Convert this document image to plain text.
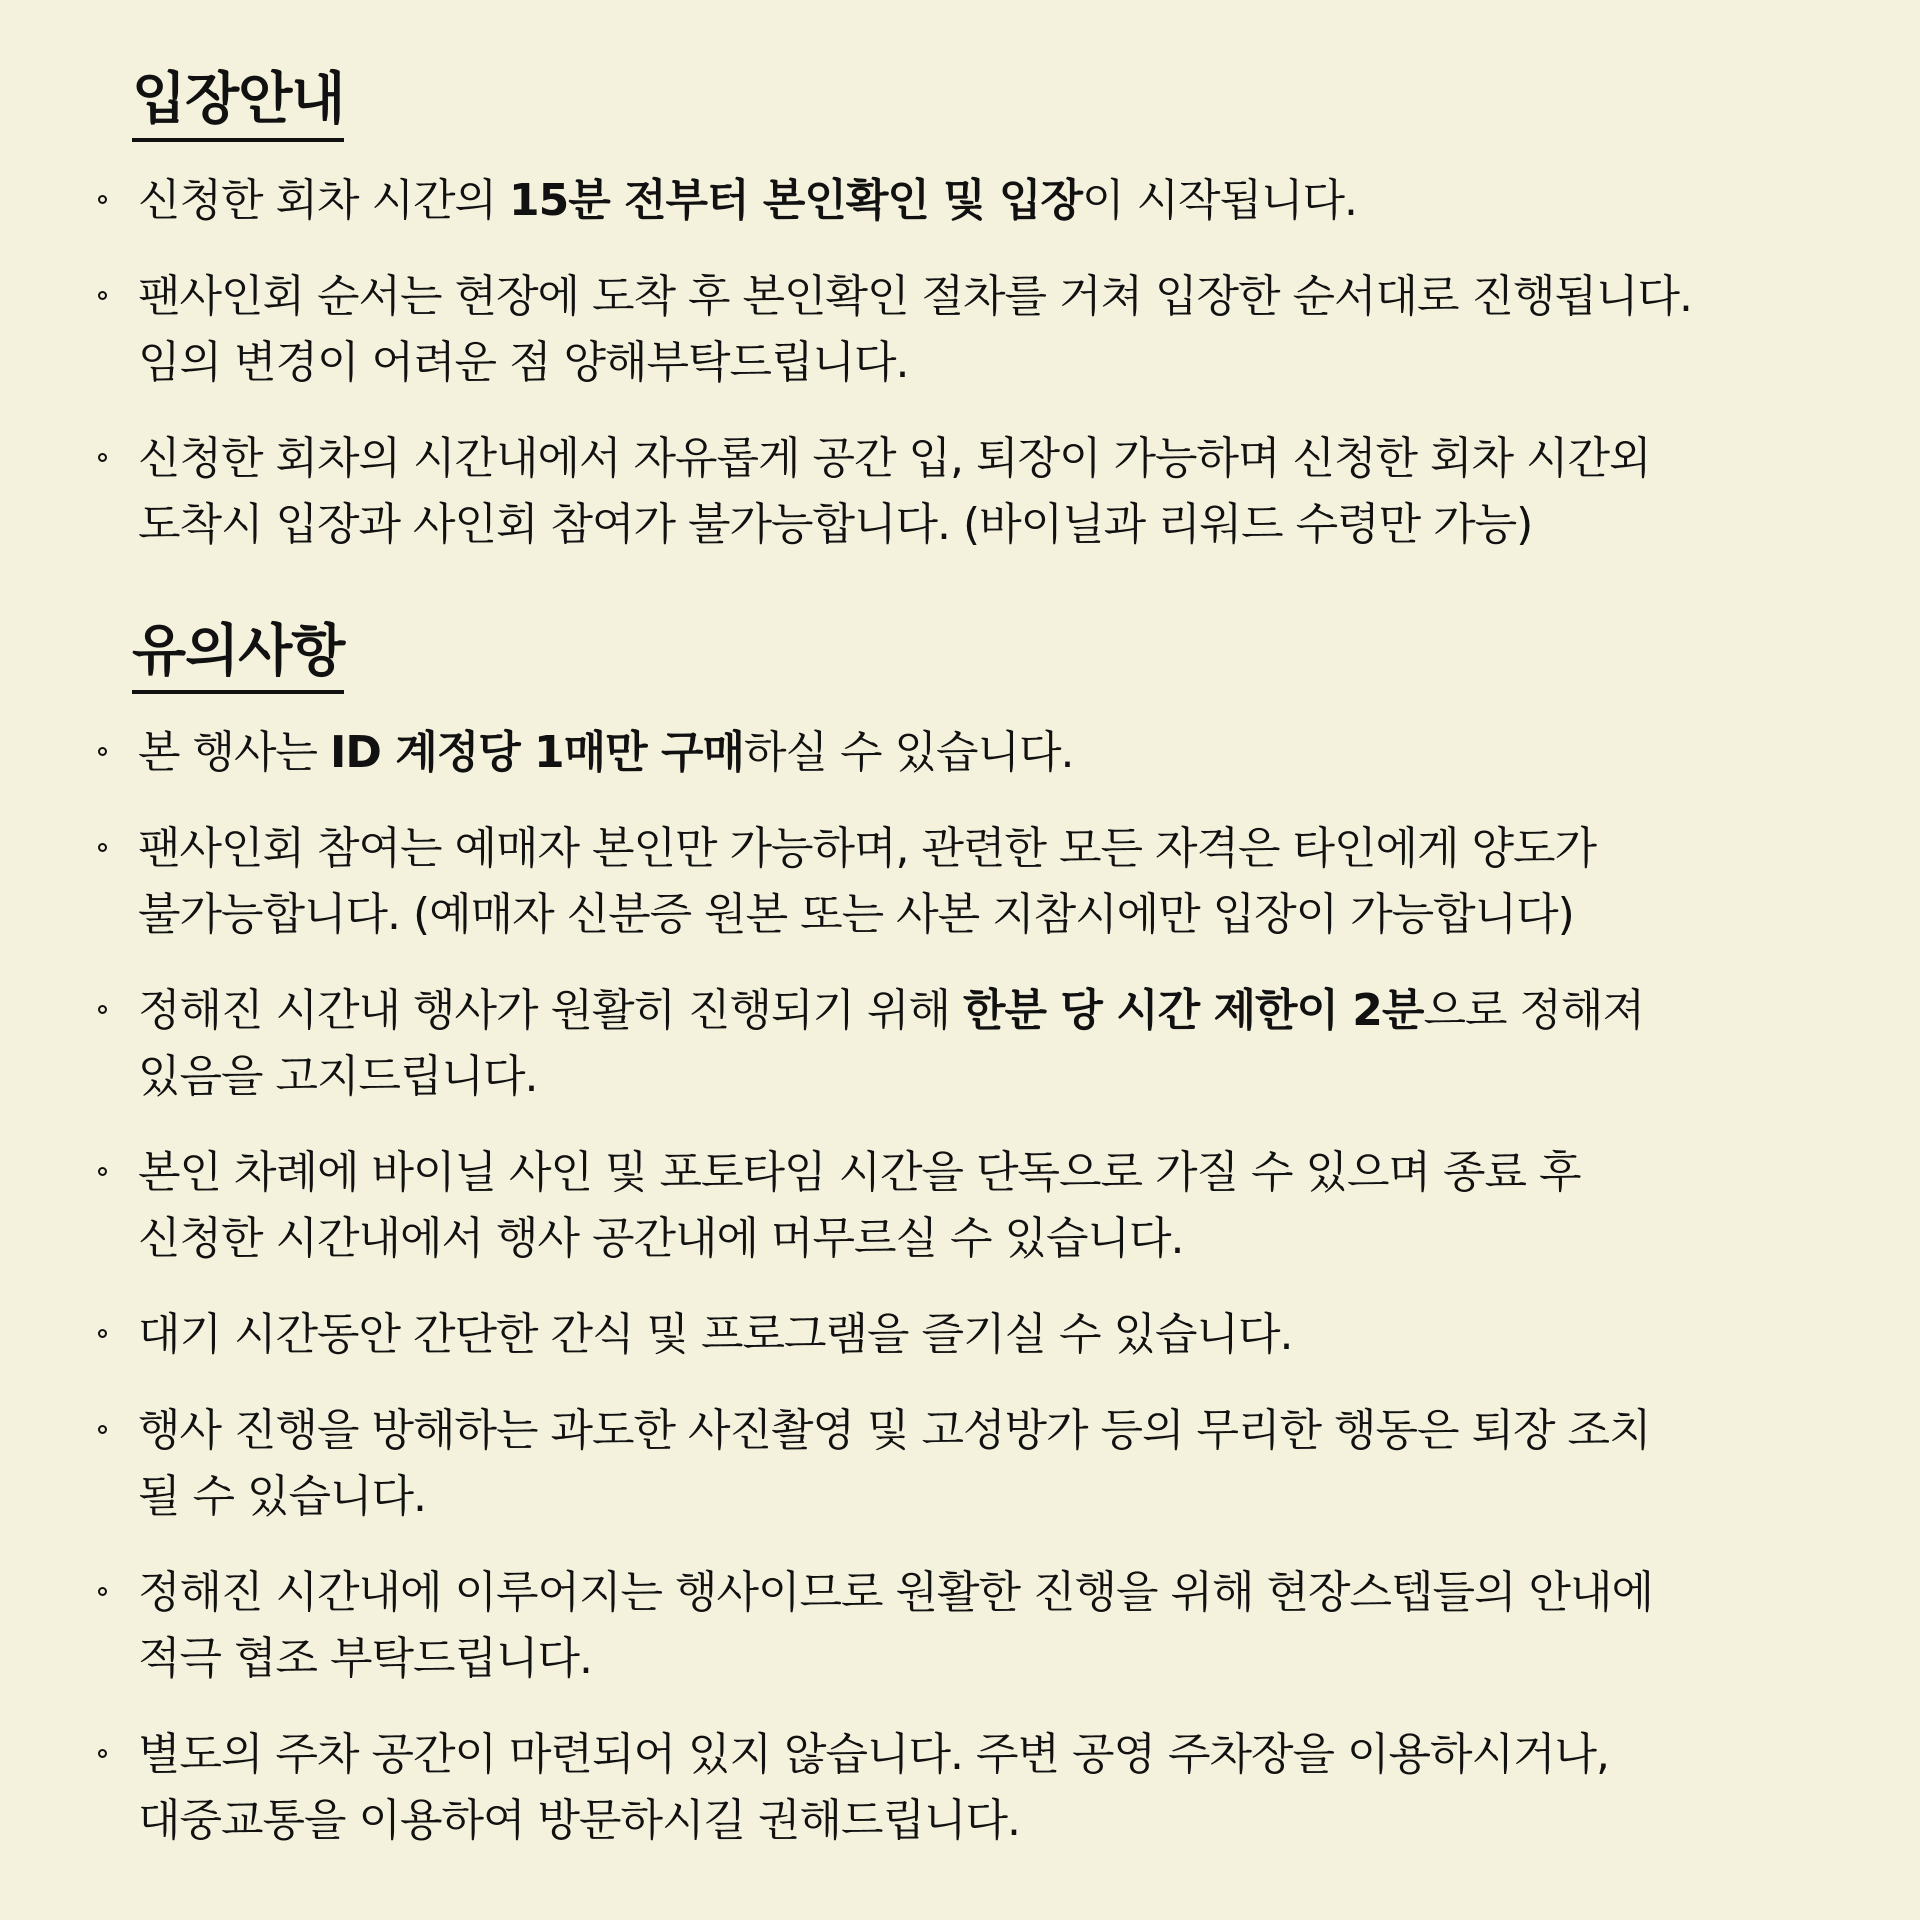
입장안내
신청한 회차 시간의 15분 전부터 본인확인 및 입장이 시작됩니다.
팬사인회 순서는 현장에 도착 후 본인확인 절차를 거쳐 입장한 순서대로 진행됩니다.
임의 변경이 어려운 점 양해부탁드립니다.
신청한 회차의 시간내에서 자유롭게 공간 입, 퇴장이 가능하며 신청한 회차 시간외
도착시 입장과 사인회 참여가 불가능합니다. (바이닐과 리워드 수령만 가능)
유의사항
본 행사는 ID 계정당 1매만 구매하실 수 있습니다.
팬사인회 참여는 예매자 본인만 가능하며, 관련한 모든 자격은 타인에게 양도가
불가능합니다. (예매자 신분증 원본 또는 사본 지참시에만 입장이 가능합니다)
정해진 시간내 행사가 원활히 진행되기 위해 한분 당 시간 제한이 2분으로 정해져
있음을 고지드립니다.
본인 차례에 바이닐 사인 및 포토타임 시간을 단독으로 가질 수 있으며 종료 후
신청한 시간내에서 행사 공간내에 머무르실 수 있습니다.
대기 시간동안 간단한 간식 및 프로그램을 즐기실 수 있습니다.
행사 진행을 방해하는 과도한 사진촬영 및 고성방가 등의 무리한 행동은 퇴장 조치
될 수 있습니다.
정해진 시간내에 이루어지는 행사이므로 원활한 진행을 위해 현장스텝들의 안내에
적극 협조 부탁드립니다.
별도의 주차 공간이 마련되어 있지 않습니다. 주변 공영 주차장을 이용하시거나,
대중교통을 이용하여 방문하시길 권해드립니다.
